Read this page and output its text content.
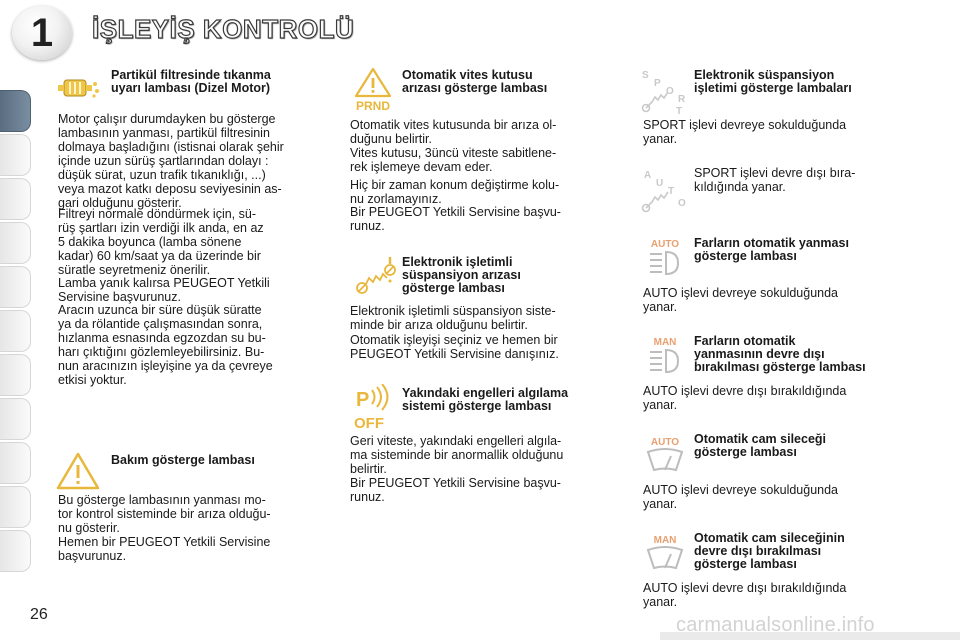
1	İŞLEYİŞ KONTROLÜ
Partikül filtresinde tıkanma
uyarı lambası (Dizel Motor)
Motor çalışır durumdayken bu gösterge
lambasının yanması, partikül filtresinin
dolmaya başladığını (istisnai olarak şehir
içinde uzun sürüş şartlarından dolayı :
düşük sürat, uzun trafik tıkanıklığı, ...)
veya mazot katkı deposu seviyesinin as-
gari olduğunu gösterir.
Filtreyi normale döndürmek için, sü-
rüş şartları izin verdiği ilk anda, en az
5 dakika boyunca (lamba sönene
kadar) 60 km/saat ya da üzerinde bir
süratle seyretmeniz önerilir.
Lamba yanık kalırsa PEUGEOT Yetkili
Servisine başvurunuz.
Aracın uzunca bir süre düşük süratte
ya da rölantide çalışmasından sonra,
hızlanma esnasında egzozdan su bu-
harı çıktığını gözlemleyebilirsiniz. Bu-
nun aracınızın işleyişine ya da çevreye
etkisi yoktur.
Bakım gösterge lambası
Bu gösterge lambasının yanması mo-
tor kontrol sisteminde bir arıza olduğu-
nu gösterir.
Hemen bir PEUGEOT Yetkili Servisine
başvurunuz.
PRND
Otomatik vites kutusu
arızası gösterge lambası
Otomatik vites kutusunda bir arıza ol-
duğunu belirtir.
Vites kutusu, 3üncü viteste sabitlene-
rek işlemeye devam eder.
Hiç bir zaman konum değiştirme kolu-
nu zorlamayınız.
Bir PEUGEOT Yetkili Servisine başvu-
runuz.
Elektronik işletimli
süspansiyon arızası
gösterge lambası
Elektronik işletimli süspansiyon siste-
minde bir arıza olduğunu belirtir.
Otomatik işleyişi seçiniz ve hemen bir
PEUGEOT Yetkili Servisine danışınız.
P
OFF
Yakındaki engelleri algılama
sistemi gösterge lambası
Geri viteste, yakındaki engelleri algıla-
ma sisteminde bir anormallik olduğunu
belirtir.
Bir PEUGEOT Yetkili Servisine başvu-
runuz.
S
P
O
R
T
Elektronik süspansiyon
işletimi gösterge lambaları
SPORT işlevi devreye sokulduğunda
yanar.
A
U
T
O
SPORT işlevi devre dışı bıra-
kıldığında yanar.
AUTO Farların otomatik yanması
gösterge lambası
AUTO işlevi devreye sokulduğunda
yanar.
MAN Farların otomatik
yanmasının devre dışı
bırakılması gösterge lambası
AUTO işlevi devre dışı bırakıldığında
yanar.
AUTO Otomatik cam sileceği
gösterge lambası
AUTO işlevi devreye sokulduğunda
yanar.
MAN Otomatik cam sileceğinin
devre dışı bırakılması
gösterge lambası
AUTO işlevi devre dışı bırakıldığında
yanar.
26	carmanualsonline.info
